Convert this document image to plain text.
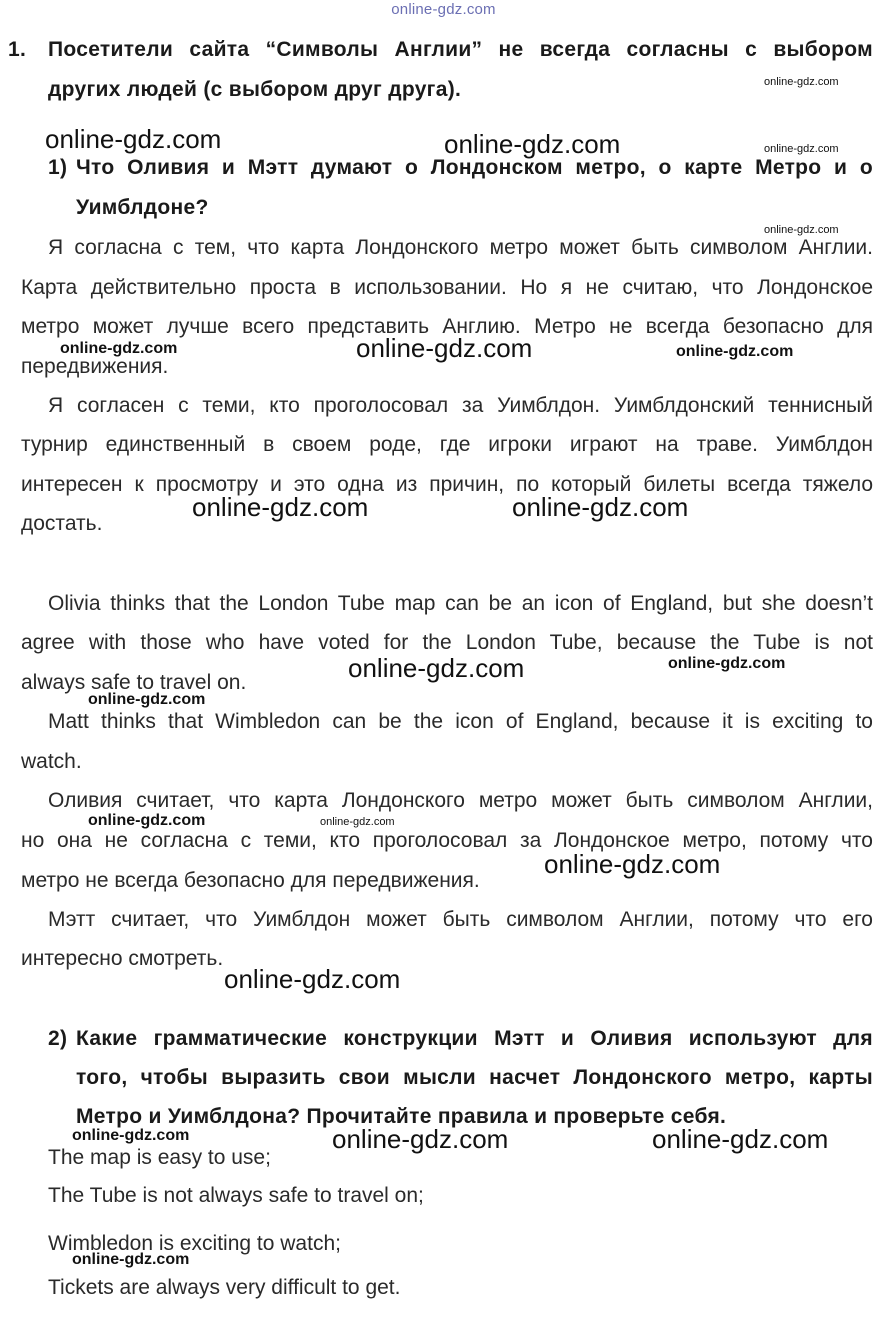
online-gdz.com
1. Посетители сайта “Символы Англии” не всегда согласны с выбором
других людей (с выбором друг друга).
1) Что Оливия и Мэтт думают о Лондонском метро, о карте Метро и о
Уимблдоне?
Я согласна с тем, что карта Лондонского метро может быть символом Англии.
Карта действительно проста в использовании. Но я не считаю, что Лондонское
метро может лучше всего представить Англию. Метро не всегда безопасно для
передвижения.
Я согласен с теми, кто проголосовал за Уимблдон. Уимблдонский теннисный
турнир единственный в своем роде, где игроки играют на траве. Уимблдон
интересен к просмотру и это одна из причин, по который билеты всегда тяжело
достать.
Olivia thinks that the London Tube map can be an icon of England, but she doesn’t
agree with those who have voted for the London Tube, because the Tube is not
always safe to travel on.
Matt thinks that Wimbledon can be the icon of England, because it is exciting to
watch.
Оливия считает, что карта Лондонского метро может быть символом Англии,
но она не согласна с теми, кто проголосовал за Лондонское метро, потому что
метро не всегда безопасно для передвижения.
Мэтт считает, что Уимблдон может быть символом Англии, потому что его
интересно смотреть.
2) Какие грамматические конструкции Мэтт и Оливия используют для
того, чтобы выразить свои мысли насчет Лондонского метро, карты
Метро и Уимблдона? Прочитайте правила и проверьте себя.
The map is easy to use;
The Tube is not always safe to travel on;
Wimbledon is exciting to watch;
Tickets are always very difficult to get.
online-gdz.com
online-gdz.com	online-gdz.com	online-gdz.com
online-gdz.com
online-gdz.com	online-gdz.com	online-gdz.com
online-gdz.com	online-gdz.com
online-gdz.com	online-gdz.com
online-gdz.com
online-gdz.com	online-gdz.com
online-gdz.com
online-gdz.com
online-gdz.com	online-gdz.com	online-gdz.com
online-gdz.com
